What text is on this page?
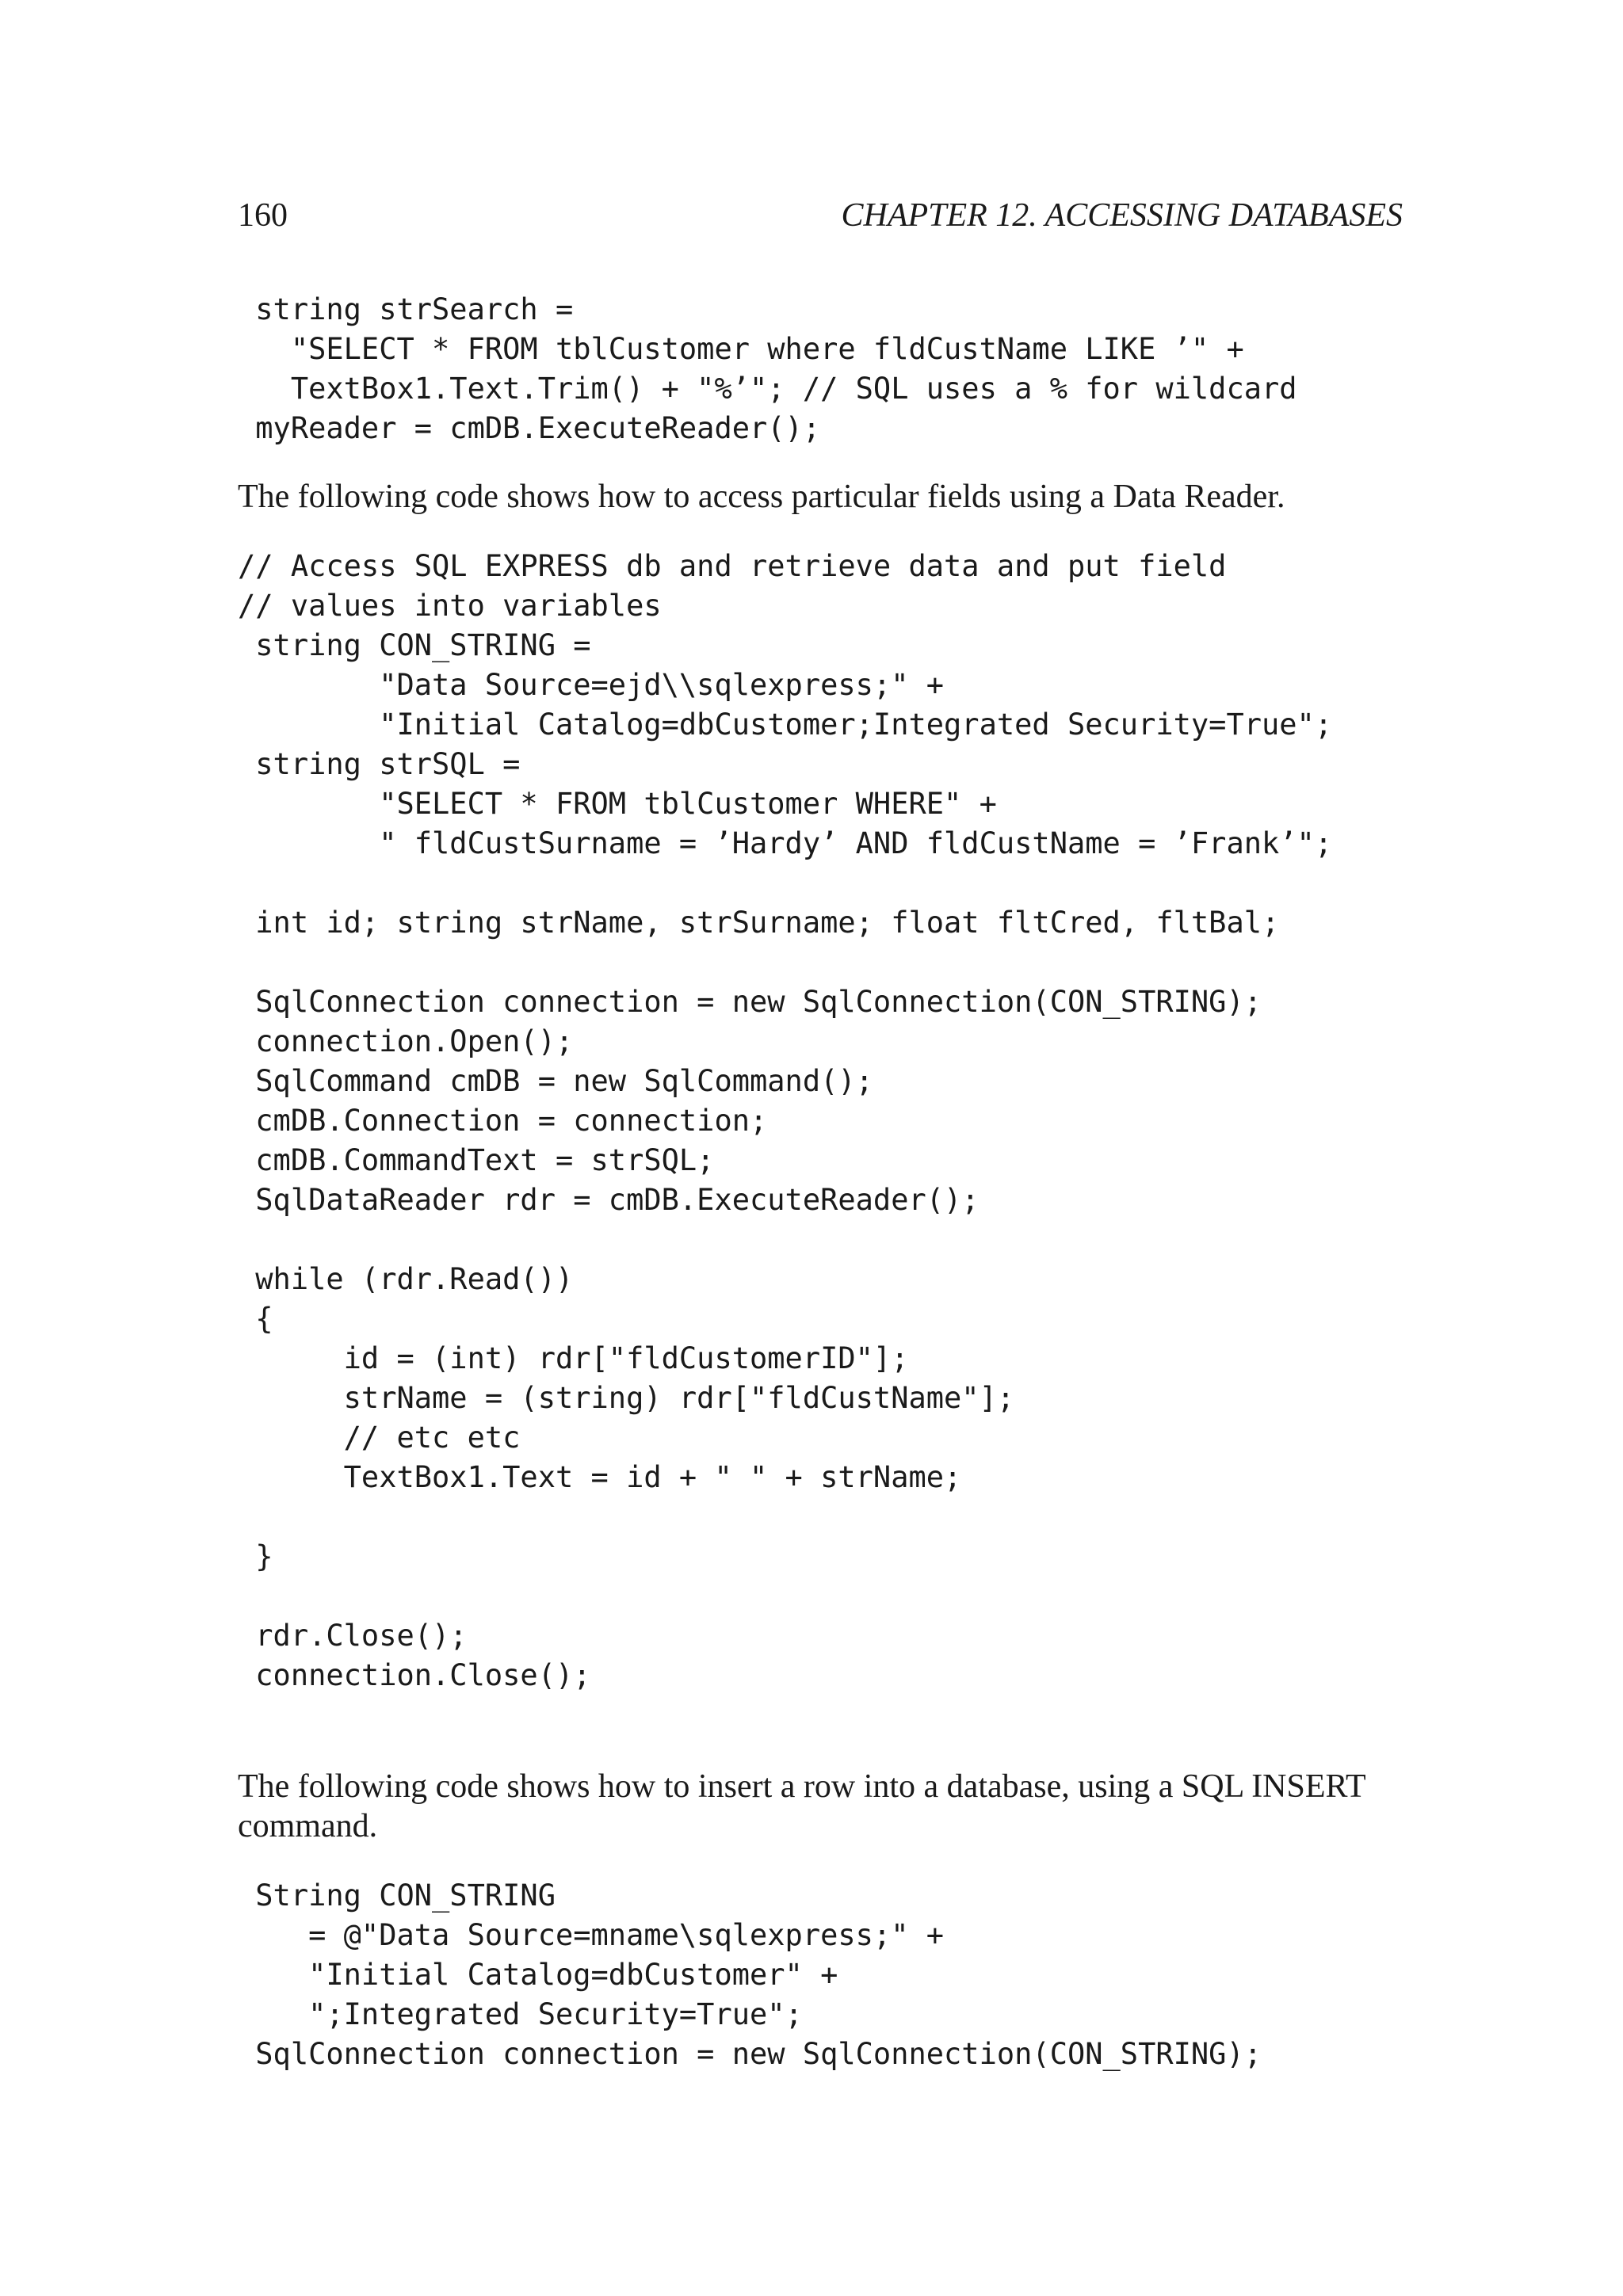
160	CHAPTER 12. ACCESSING DATABASES
string strSearch =
"SELECT * FROM tblCustomer where fldCustName LIKE ’" +
TextBox1.Text.Trim() + "%’"; // SQL uses a % for wildcard
myReader = cmDB.ExecuteReader();

The following code shows how to access particular fields using a Data Reader.

// Access SQL EXPRESS db and retrieve data and put field
// values into variables
string CON_STRING =
"Data Source=ejd\\sqlexpress;" +
"Initial Catalog=dbCustomer;Integrated Security=True";
string strSQL =
"SELECT * FROM tblCustomer WHERE" +
" fldCustSurname = ’Hardy’ AND fldCustName = ’Frank’";

int id; string strName, strSurname; float fltCred, fltBal;

SqlConnection connection = new SqlConnection(CON_STRING);
connection.Open();
SqlCommand cmDB = new SqlCommand();
cmDB.Connection = connection;
cmDB.CommandText = strSQL;
SqlDataReader rdr = cmDB.ExecuteReader();

while (rdr.Read())
{
id = (int) rdr["fldCustomerID"];
strName = (string) rdr["fldCustName"];
// etc etc
TextBox1.Text = id + " " + strName;

}

rdr.Close();
connection.Close();

The following code shows how to insert a row into a database, using a SQL INSERT command.

String CON_STRING
= @"Data Source=mname\sqlexpress;" +
"Initial Catalog=dbCustomer" +
";Integrated Security=True";
SqlConnection connection = new SqlConnection(CON_STRING);
